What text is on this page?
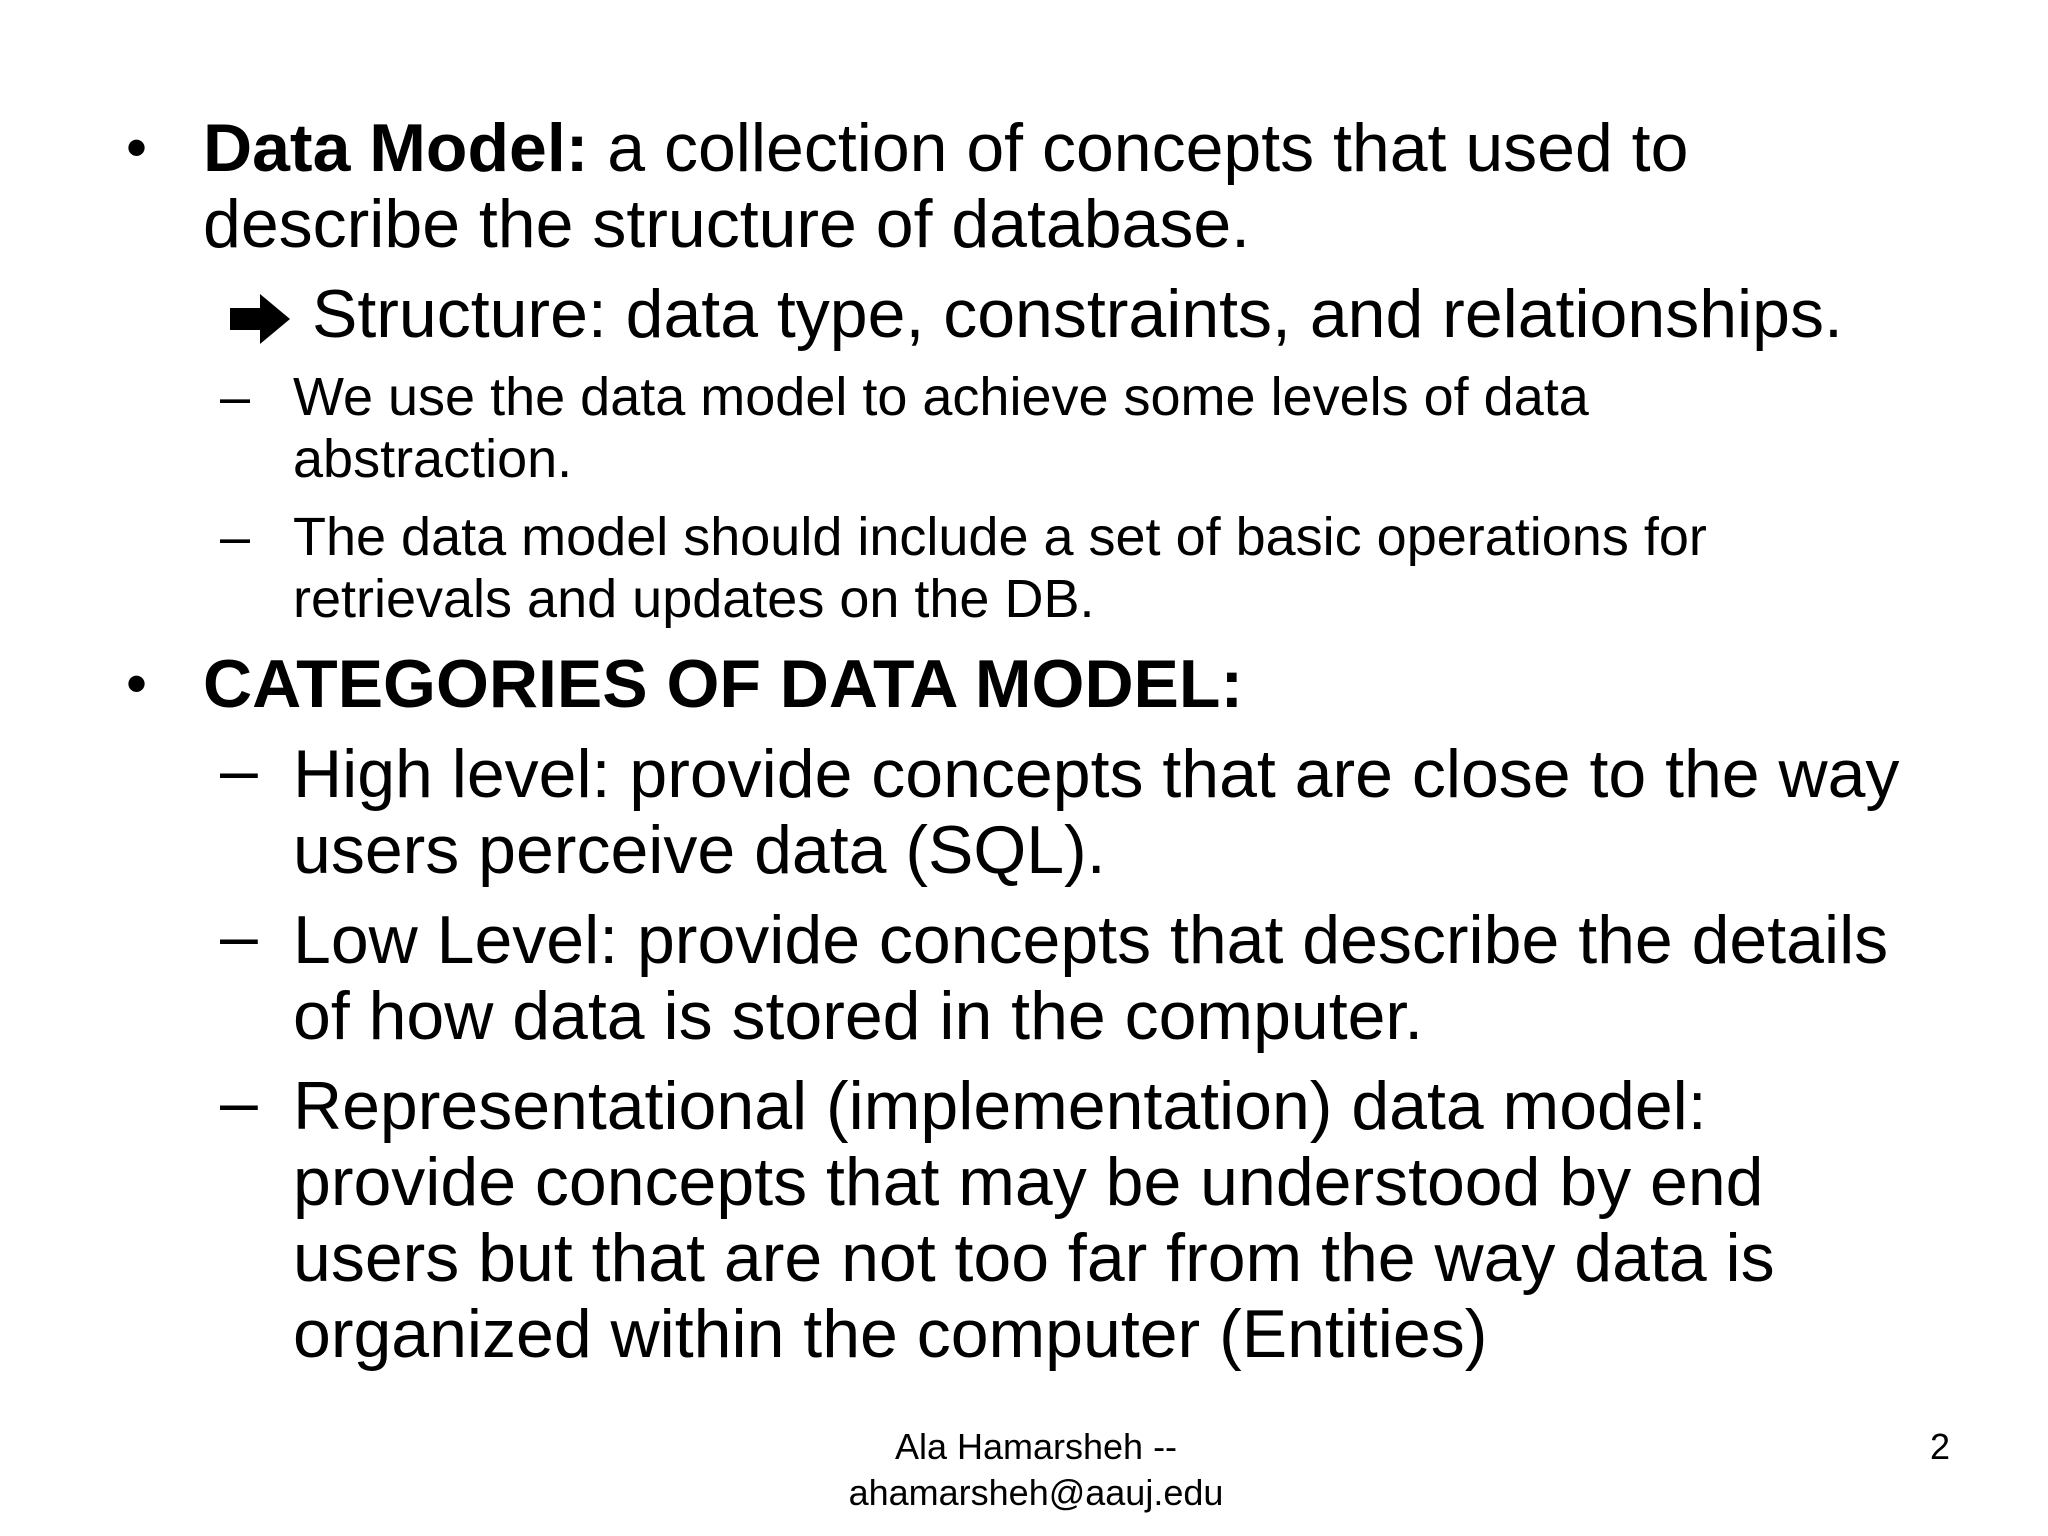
• Data Model: a collection of concepts that used to
describe the structure of database.
Structure: data type, constraints, and relationships.
– We use the data model to achieve some levels of data
abstraction.
– The data model should include a set of basic operations for
retrievals and updates on the DB.
• CATEGORIES OF DATA MODEL:
– High level: provide concepts that are close to the way
users perceive data (SQL).
– Low Level: provide concepts that describe the details
of how data is stored in the computer.
– Representational (implementation) data model:
provide concepts that may be understood by end
users but that are not too far from the way data is
organized within the computer (Entities)
Ala Hamarsheh --
ahamarsheh@aauj.edu
2
